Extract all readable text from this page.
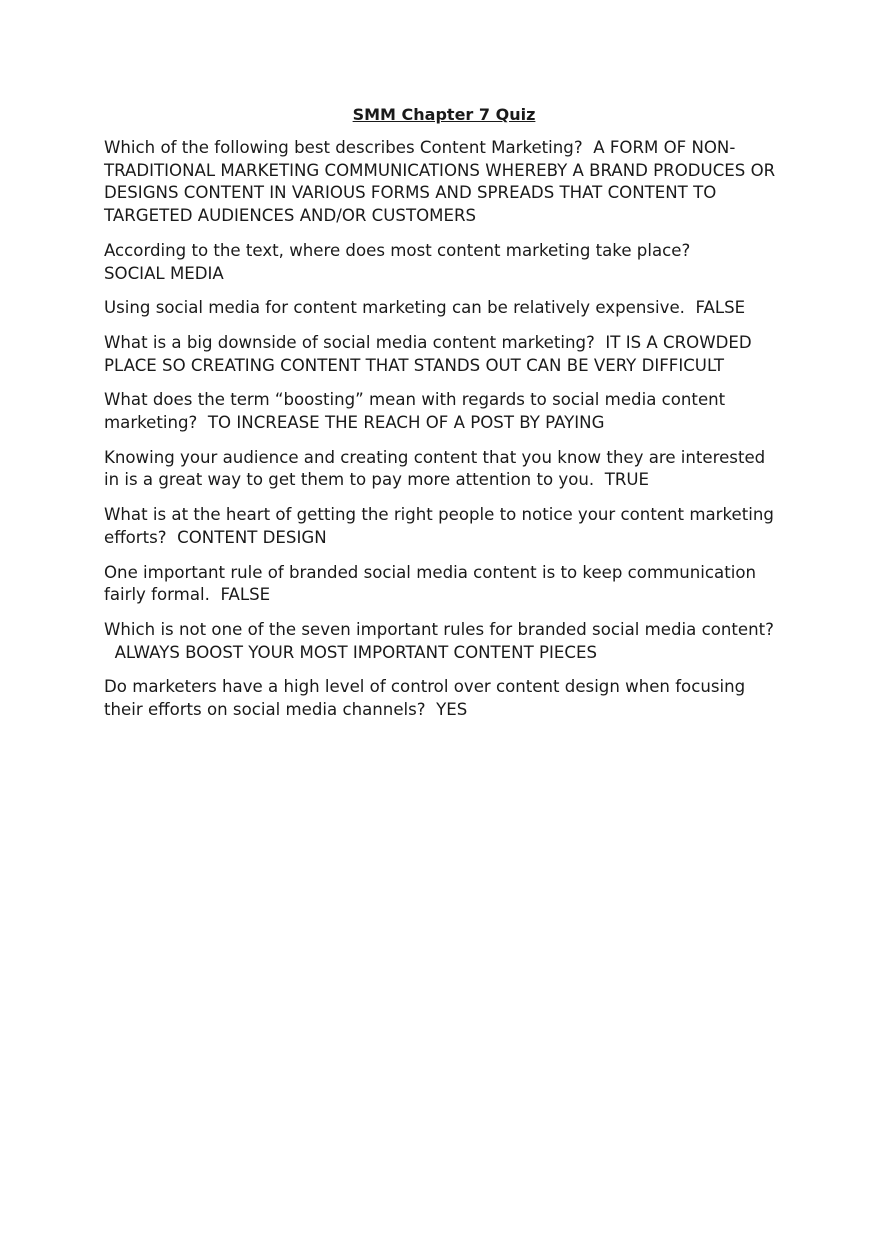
SMM Chapter 7 Quiz

Which of the following best describes Content Marketing? A FORM OF NON-TRADITIONAL MARKETING COMMUNICATIONS WHEREBY A BRAND PRODUCES OR DESIGNS CONTENT IN VARIOUS FORMS AND SPREADS THAT CONTENT TO TARGETED AUDIENCES AND/OR CUSTOMERS

According to the text, where does most content marketing take place?
SOCIAL MEDIA

Using social media for content marketing can be relatively expensive. FALSE

What is a big downside of social media content marketing? IT IS A CROWDED PLACE SO CREATING CONTENT THAT STANDS OUT CAN BE VERY DIFFICULT

What does the term “boosting” mean with regards to social media content marketing? TO INCREASE THE REACH OF A POST BY PAYING

Knowing your audience and creating content that you know they are interested in is a great way to get them to pay more attention to you. TRUE

What is at the heart of getting the right people to notice your content marketing efforts? CONTENT DESIGN

One important rule of branded social media content is to keep communication fairly formal. FALSE

Which is not one of the seven important rules for branded social media content?  ALWAYS BOOST YOUR MOST IMPORTANT CONTENT PIECES

Do marketers have a high level of control over content design when focusing their efforts on social media channels? YES
